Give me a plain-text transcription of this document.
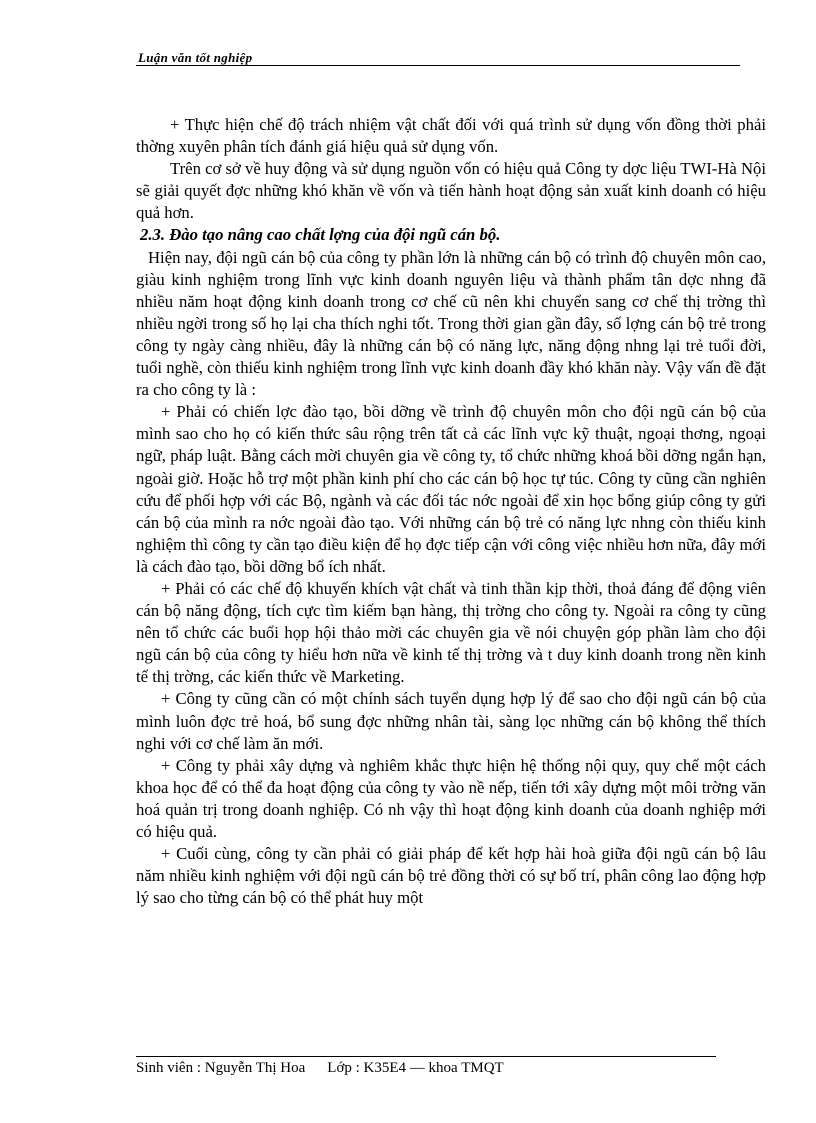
Luận văn tốt nghiệp

+ Thực hiện chế độ trách nhiệm vật chất đối với quá trình sử dụng vốn đồng thời phải thờng xuyên phân tích đánh giá hiệu quả sử dụng vốn.

Trên cơ sở về huy động và sử dụng nguồn vốn có hiệu quả Công ty dợc liệu TWI-Hà Nội sẽ giải quyết đợc những khó khăn về vốn và tiến hành hoạt động sản xuất kinh doanh có hiệu quả hơn.

2.3. Đào tạo nâng cao chất lợng của đội ngũ cán bộ.

Hiện nay, đội ngũ cán bộ của công ty phần lớn là những cán bộ có trình độ chuyên môn cao, giàu kinh nghiệm trong lĩnh vực kinh doanh nguyên liệu và thành phẩm tân dợc nhng đã nhiều năm hoạt động kinh doanh trong cơ chế cũ nên khi chuyển sang cơ chế thị trờng thì nhiều ngời trong số họ lại cha thích nghi tốt. Trong thời gian gần đây, số lợng cán bộ trẻ trong công ty ngày càng nhiều, đây là những cán bộ có năng lực, năng động nhng lại trẻ tuổi đời, tuổi nghề, còn thiếu kinh nghiệm trong lĩnh vực kinh doanh đầy khó khăn này. Vậy vấn đề đặt ra cho công ty là :

+ Phải có chiến lợc đào tạo, bồi dỡng về trình độ chuyên môn cho đội ngũ cán bộ của mình sao cho họ có kiến thức sâu rộng trên tất cả các lĩnh vực kỹ thuật, ngoại thơng, ngoại ngữ, pháp luật. Bằng cách mời chuyên gia về công ty, tổ chức những khoá bồi dỡng ngắn hạn, ngoài giờ. Hoặc hỗ trợ một phần kinh phí cho các cán bộ học tự túc. Công ty cũng cần nghiên cứu để phối hợp với các Bộ, ngành và các đối tác nớc ngoài để xin học bổng giúp công ty gửi cán bộ của mình ra nớc ngoài đào tạo. Với những cán bộ trẻ có năng lực nhng còn thiếu kinh nghiệm thì công ty cần tạo điều kiện để họ đợc tiếp cận với công việc nhiều hơn nữa, đây mới là cách đào tạo, bồi dỡng bổ ích nhất.

+ Phải có các chế độ khuyến khích vật chất và tinh thần kịp thời, thoả đáng để động viên cán bộ năng động, tích cực tìm kiếm bạn hàng, thị trờng cho công ty. Ngoài ra công ty cũng nên tổ chức các buổi họp hội thảo mời các chuyên gia về nói chuyện góp phần làm cho đội ngũ cán bộ của công ty hiểu hơn nữa về kinh tế thị trờng và t duy kinh doanh trong nền kinh tế thị trờng, các kiến thức về Marketing.

+ Công ty cũng cần có một chính sách tuyển dụng hợp lý để sao cho đội ngũ cán bộ của mình luôn đợc trẻ hoá, bổ sung đợc những nhân tài, sàng lọc những cán bộ không thể thích nghi với cơ chế làm ăn mới.

+ Công ty phải xây dựng và nghiêm khắc thực hiện hệ thống nội quy, quy chế một cách khoa học để có thể đa hoạt động của công ty vào nề nếp, tiến tới xây dựng một môi trờng văn hoá quản trị trong doanh nghiệp. Có nh vậy thì hoạt động kinh doanh của doanh nghiệp mới có hiệu quả.

+ Cuối cùng, công ty cần phải có giải pháp để kết hợp hài hoà giữa đội ngũ cán bộ lâu năm nhiều kinh nghiệm với đội ngũ cán bộ trẻ đồng thời có sự bố trí, phân công lao động hợp lý sao cho từng cán bộ có thể phát huy một

Sinh viên : Nguyễn Thị Hoa Lớp : K35E4 — khoa TMQT
